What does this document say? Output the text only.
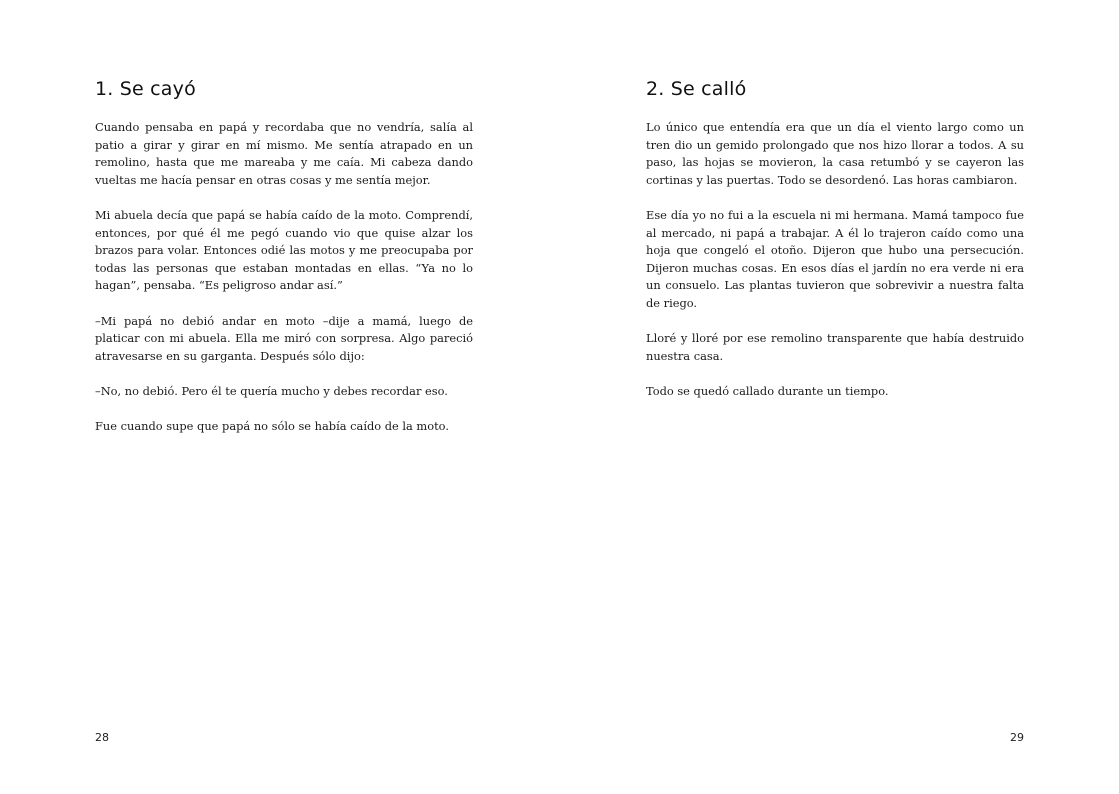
1. Se cayó

Cuando pensaba en papá y recordaba que no vendría, salía al patio a girar y girar en mí mismo. Me sentía atrapado en un remolino, hasta que me mareaba y me caía. Mi cabeza dando vueltas me hacía pensar en otras cosas y me sentía mejor.

Mi abuela decía que papá se había caído de la moto. Comprendí, entonces, por qué él me pegó cuando vio que quise alzar los brazos para volar. Entonces odié las motos y me preocupaba por todas las personas que estaban montadas en ellas. “Ya no lo hagan”, pensaba. “Es peligroso andar así.”

–Mi papá no debió andar en moto –dije a mamá, luego de platicar con mi abuela. Ella me miró con sorpresa. Algo pareció atravesarse en su garganta. Después sólo dijo:

–No, no debió. Pero él te quería mucho y debes recordar eso.

Fue cuando supe que papá no sólo se había caído de la moto.

28
2. Se calló

Lo único que entendía era que un día el viento largo como un tren dio un gemido prolongado que nos hizo llorar a todos. A su paso, las hojas se movieron, la casa retumbó y se cayeron las cortinas y las puertas. Todo se desordenó. Las horas cambiaron.

Ese día yo no fui a la escuela ni mi hermana. Mamá tampoco fue al mercado, ni papá a trabajar. A él lo trajeron caído como una hoja que congeló el otoño. Dijeron que hubo una persecución. Dijeron muchas cosas. En esos días el jardín no era verde ni era un consuelo. Las plantas tuvieron que sobrevivir a nuestra falta de riego.

Lloré y lloré por ese remolino transparente que había destruido nuestra casa.

Todo se quedó callado durante un tiempo.

29
